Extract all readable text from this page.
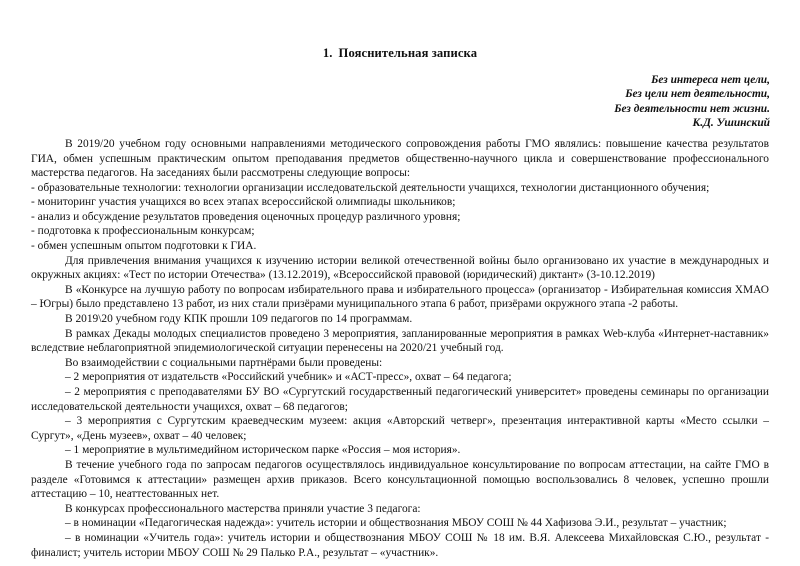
1. Пояснительная записка
Без интереса нет цели,
Без цели нет деятельности,
Без деятельности нет жизни.
К.Д. Ушинский

В 2019/20 учебном году основными направлениями методического сопровождения работы ГМО являлись: повышение качества результатов ГИА, обмен успешным практическим опытом преподавания предметов общественно-научного цикла и совершенствование профессионального мастерства педагогов. На заседаниях были рассмотрены следующие вопросы:

- образовательные технологии: технологии организации исследовательской деятельности учащихся, технологии дистанционного обучения;

- мониторинг участия учащихся во всех этапах всероссийской олимпиады школьников;

- анализ и обсуждение результатов проведения оценочных процедур различного уровня;

- подготовка к профессиональным конкурсам;

- обмен успешным опытом подготовки к ГИА.

Для привлечения внимания учащихся к изучению истории великой отечественной войны было организовано их участие в международных и окружных акциях: «Тест по истории Отечества» (13.12.2019), «Всероссийской правовой (юридический) диктант» (3-10.12.2019)

В «Конкурсе на лучшую работу по вопросам избирательного права и избирательного процесса» (организатор - Избирательная комиссия ХМАО – Югры) было представлено 13 работ, из них стали призёрами муниципального этапа 6 работ, призёрами окружного этапа -2 работы.

В 2019\20 учебном году КПК прошли 109 педагогов по 14 программам.

В рамках Декады молодых специалистов проведено 3 мероприятия, запланированные мероприятия в рамках Web-клуба «Интернет-наставник» вследствие неблагоприятной эпидемиологической ситуации перенесены на 2020/21 учебный год.

Во взаимодействии с социальными партнёрами были проведены:

– 2 мероприятия от издательств «Российский учебник» и «АСТ-пресс», охват – 64 педагога;

– 2 мероприятия с преподавателями БУ ВО «Сургутский государственный педагогический университет» проведены семинары по организации исследовательской деятельности учащихся, охват – 68 педагогов;

– 3 мероприятия с Сургутским краеведческим музеем: акция «Авторский четверг», презентация интерактивной карты «Место ссылки – Сургут», «День музеев», охват – 40 человек;

– 1 мероприятие в мультимедийном историческом парке «Россия – моя история».

В течение учебного года по запросам педагогов осуществлялось индивидуальное консультирование по вопросам аттестации, на сайте ГМО в разделе «Готовимся к аттестации» размещен архив приказов. Всего консультационной помощью воспользовались 8 человек, успешно прошли аттестацию – 10, неаттестованных нет.

В конкурсах профессионального мастерства приняли участие 3 педагога:

– в номинации «Педагогическая надежда»: учитель истории и обществознания МБОУ СОШ № 44 Хафизова Э.И., результат – участник;

– в номинации «Учитель года»: учитель истории и обществознания МБОУ СОШ № 18 им. В.Я. Алексеева Михайловская С.Ю., результат - финалист; учитель истории МБОУ СОШ № 29 Палько Р.А., результат – «участник».
